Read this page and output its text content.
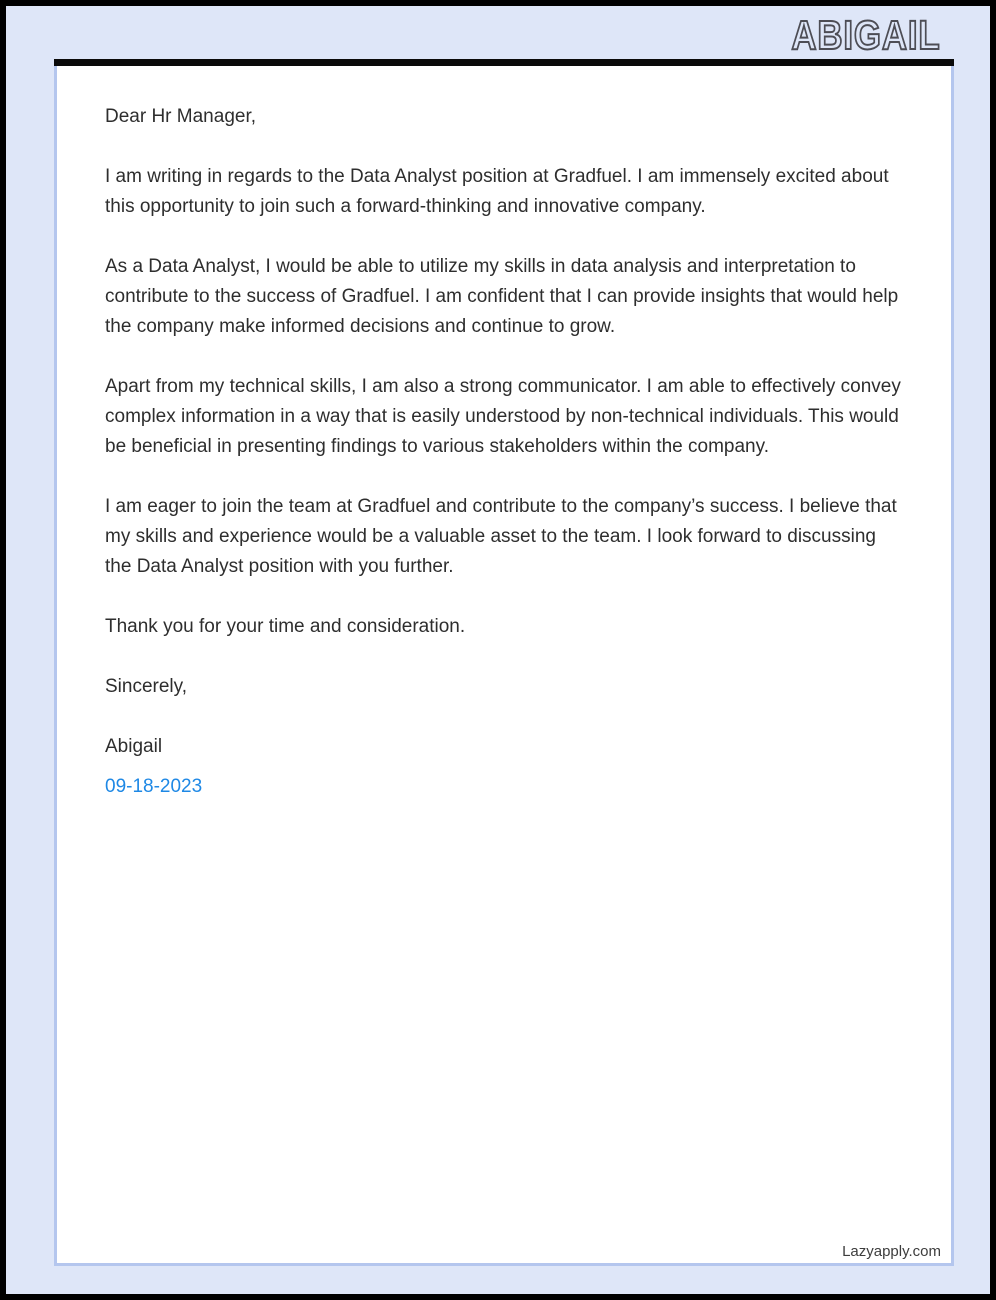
ABIGAIL

Dear Hr Manager,

I am writing in regards to the Data Analyst position at Gradfuel. I am immensely excited about this opportunity to join such a forward-thinking and innovative company.

As a Data Analyst, I would be able to utilize my skills in data analysis and interpretation to contribute to the success of Gradfuel. I am confident that I can provide insights that would help the company make informed decisions and continue to grow.

Apart from my technical skills, I am also a strong communicator. I am able to effectively convey complex information in a way that is easily understood by non-technical individuals. This would be beneficial in presenting findings to various stakeholders within the company.

I am eager to join the team at Gradfuel and contribute to the company’s success. I believe that my skills and experience would be a valuable asset to the team. I look forward to discussing the Data Analyst position with you further.

Thank you for your time and consideration.

Sincerely,

Abigail

09-18-2023

Lazyapply.com
